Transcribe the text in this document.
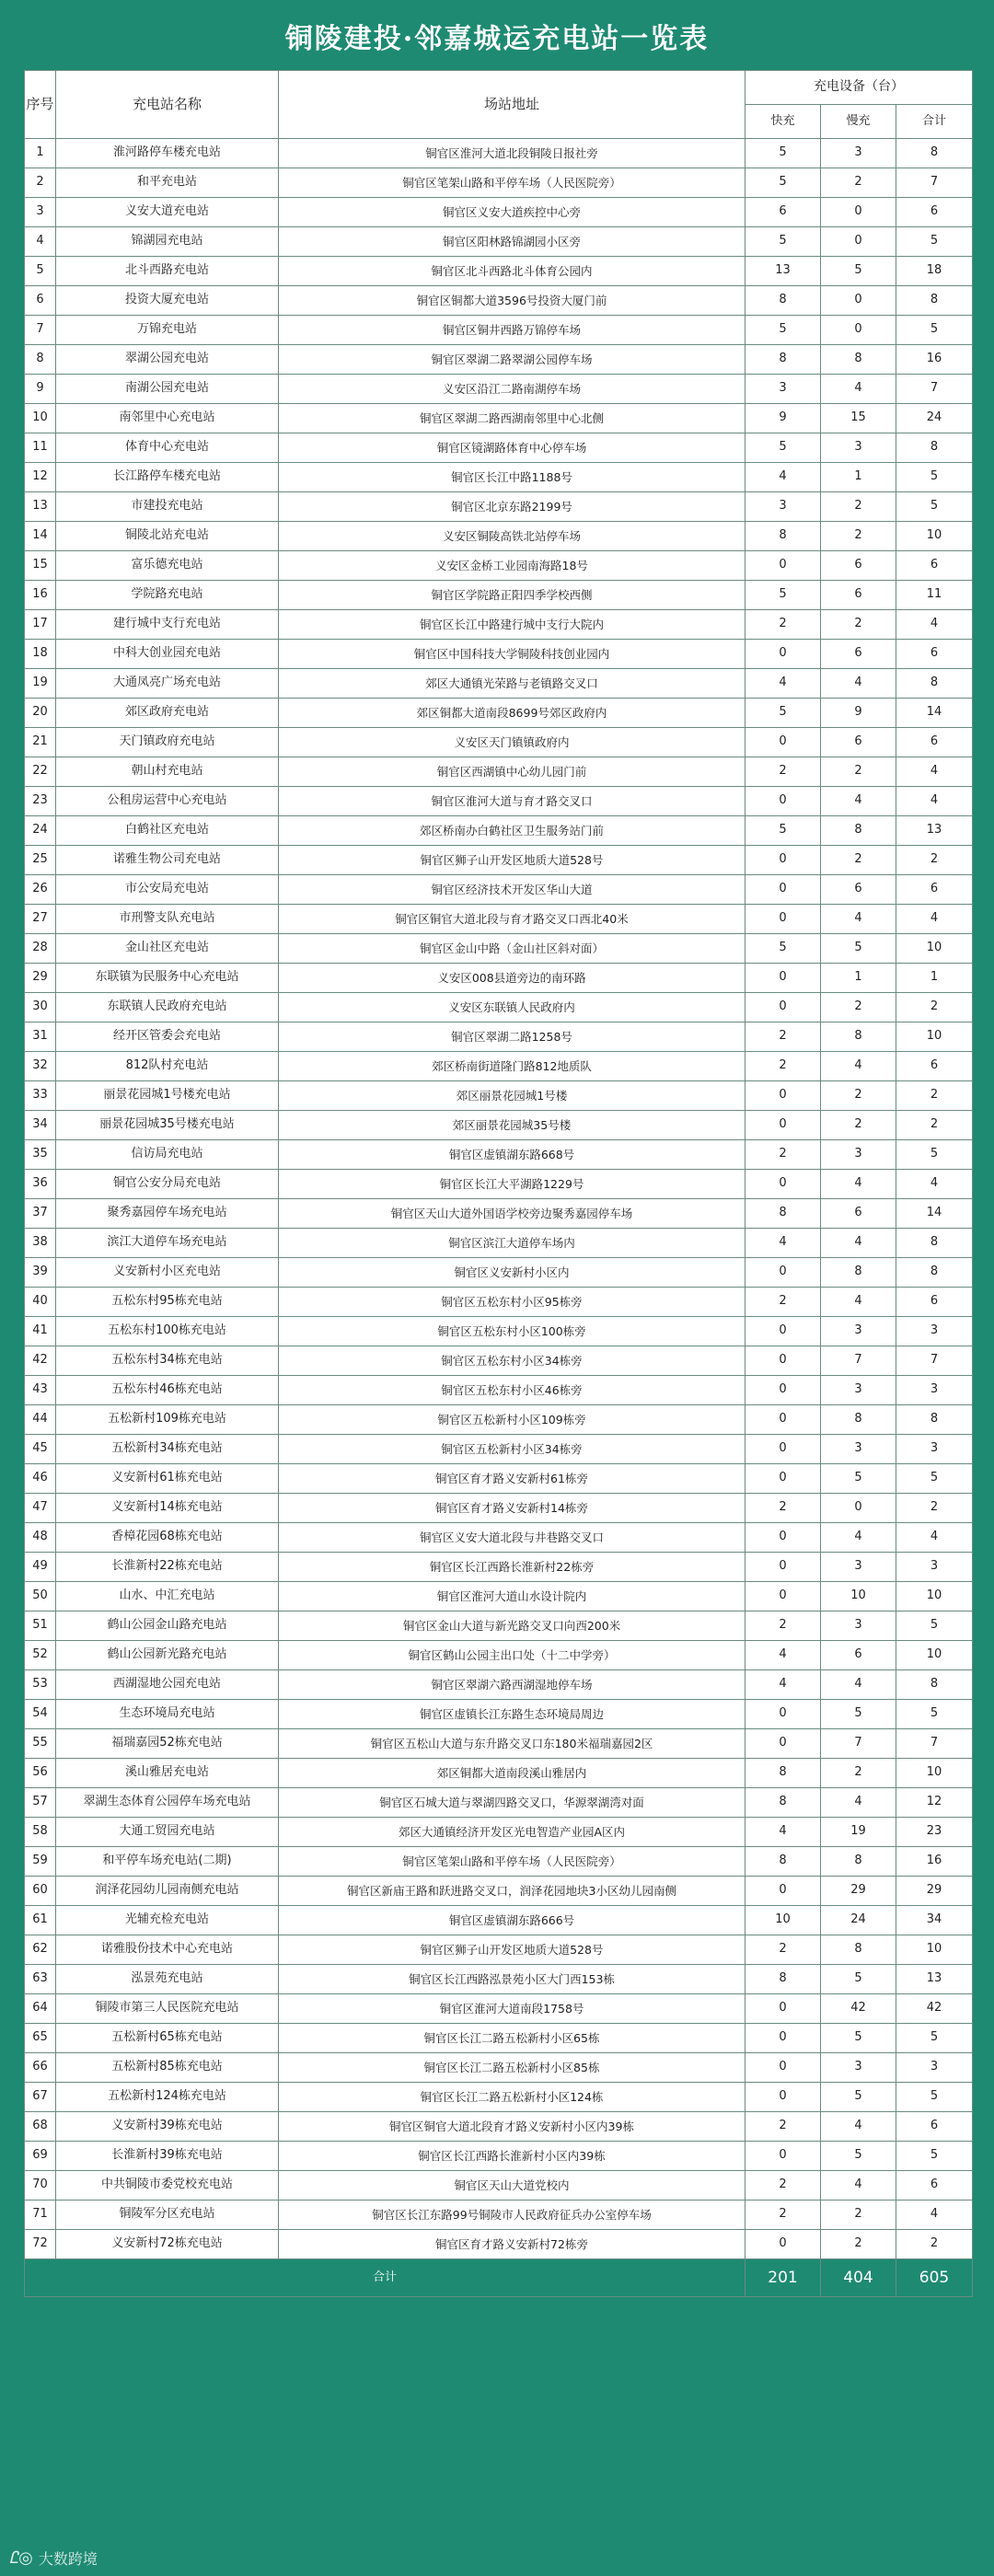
铜陵建投·邻嘉城运充电站一览表
序号	充电站名称	场站地址	充电设备（台）		
			快充	慢充	合计
1	淮河路停车楼充电站	铜官区淮河大道北段铜陵日报社旁	5	3	8
2	和平充电站	铜官区笔架山路和平停车场（人民医院旁）	5	2	7
3	义安大道充电站	铜官区义安大道疾控中心旁	6	0	6
4	锦湖园充电站	铜官区阳林路锦湖园小区旁	5	0	5
5	北斗西路充电站	铜官区北斗西路北斗体育公园内	13	5	18
6	投资大厦充电站	铜官区铜都大道3596号投资大厦门前	8	0	8
7	万锦充电站	铜官区铜井西路万锦停车场	5	0	5
8	翠湖公园充电站	铜官区翠湖二路翠湖公园停车场	8	8	16
9	南湖公园充电站	义安区沿江二路南湖停车场	3	4	7
10	南邻里中心充电站	铜官区翠湖二路西湖南邻里中心北侧	9	15	24
11	体育中心充电站	铜官区镜湖路体育中心停车场	5	3	8
12	长江路停车楼充电站	铜官区长江中路1188号	4	1	5
13	市建投充电站	铜官区北京东路2199号	3	2	5
14	铜陵北站充电站	义安区铜陵高铁北站停车场	8	2	10
15	富乐德充电站	义安区金桥工业园南海路18号	0	6	6
16	学院路充电站	铜官区学院路正阳四季学校西侧	5	6	11
17	建行城中支行充电站	铜官区长江中路建行城中支行大院内	2	2	4
18	中科大创业园充电站	铜官区中国科技大学铜陵科技创业园内	0	6	6
19	大通凤亮广场充电站	郊区大通镇光荣路与老镇路交叉口	4	4	8
20	郊区政府充电站	郊区铜都大道南段8699号郊区政府内	5	9	14
21	天门镇政府充电站	义安区天门镇镇政府内	0	6	6
22	朝山村充电站	铜官区西湖镇中心幼儿园门前	2	2	4
23	公租房运营中心充电站	铜官区淮河大道与育才路交叉口	0	4	4
24	白鹤社区充电站	郊区桥南办白鹤社区卫生服务站门前	5	8	13
25	诺雅生物公司充电站	铜官区狮子山开发区地质大道528号	0	2	2
26	市公安局充电站	铜官区经济技术开发区华山大道	0	6	6
27	市刑警支队充电站	铜官区铜官大道北段与育才路交叉口西北40米	0	4	4
28	金山社区充电站	铜官区金山中路（金山社区斜对面）	5	5	10
29	东联镇为民服务中心充电站	义安区008县道旁边的南环路	0	1	1
30	东联镇人民政府充电站	义安区东联镇人民政府内	0	2	2
31	经开区管委会充电站	铜官区翠湖二路1258号	2	8	10
32	812队村充电站	郊区桥南街道隆门路812地质队	2	4	6
33	丽景花园城1号楼充电站	郊区丽景花园城1号楼	0	2	2
34	丽景花园城35号楼充电站	郊区丽景花园城35号楼	0	2	2
35	信访局充电站	铜官区虚镇湖东路668号	2	3	5
36	铜官公安分局充电站	铜官区长江大平湖路1229号	0	4	4
37	聚秀嘉园停车场充电站	铜官区天山大道外国语学校旁边聚秀嘉园停车场	8	6	14
38	滨江大道停车场充电站	铜官区滨江大道停车场内	4	4	8
39	义安新村小区充电站	铜官区义安新村小区内	0	8	8
40	五松东村95栋充电站	铜官区五松东村小区95栋旁	2	4	6
41	五松东村100栋充电站	铜官区五松东村小区100栋旁	0	3	3
42	五松东村34栋充电站	铜官区五松东村小区34栋旁	0	7	7
43	五松东村46栋充电站	铜官区五松东村小区46栋旁	0	3	3
44	五松新村109栋充电站	铜官区五松新村小区109栋旁	0	8	8
45	五松新村34栋充电站	铜官区五松新村小区34栋旁	0	3	3
46	义安新村61栋充电站	铜官区育才路义安新村61栋旁	0	5	5
47	义安新村14栋充电站	铜官区育才路义安新村14栋旁	2	0	2
48	香樟花园68栋充电站	铜官区义安大道北段与井巷路交叉口	0	4	4
49	长淮新村22栋充电站	铜官区长江西路长淮新村22栋旁	0	3	3
50	山水、中汇充电站	铜官区淮河大道山水设计院内	0	10	10
51	鹤山公园金山路充电站	铜官区金山大道与新光路交叉口向西200米	2	3	5
52	鹤山公园新光路充电站	铜官区鹤山公园主出口处（十二中学旁）	4	6	10
53	西湖湿地公园充电站	铜官区翠湖六路西湖湿地停车场	4	4	8
54	生态环境局充电站	铜官区虚镇长江东路生态环境局周边	0	5	5
55	福瑞嘉园52栋充电站	铜官区五松山大道与东升路交叉口东180米福瑞嘉园2区	0	7	7
56	溪山雅居充电站	郊区铜都大道南段溪山雅居内	8	2	10
57	翠湖生态体育公园停车场充电站	铜官区石城大道与翠湖四路交叉口，华源翠湖湾对面	8	4	12
58	大通工贸园充电站	郊区大通镇经济开发区光电智造产业园A区内	4	19	23
59	和平停车场充电站(二期)	铜官区笔架山路和平停车场（人民医院旁）	8	8	16
60	润泽花园幼儿园南侧充电站	铜官区新庙王路和跃进路交叉口，润泽花园地块3小区幼儿园南侧	0	29	29
61	光辅充检充电站	铜官区虚镇湖东路666号	10	24	34
62	诺雅股份技术中心充电站	铜官区狮子山开发区地质大道528号	2	8	10
63	泓景苑充电站	铜官区长江西路泓景苑小区大门西153栋	8	5	13
64	铜陵市第三人民医院充电站	铜官区淮河大道南段1758号	0	42	42
65	五松新村65栋充电站	铜官区长江二路五松新村小区65栋	0	5	5
66	五松新村85栋充电站	铜官区长江二路五松新村小区85栋	0	3	3
67	五松新村124栋充电站	铜官区长江二路五松新村小区124栋	0	5	5
68	义安新村39栋充电站	铜官区铜官大道北段育才路义安新村小区内39栋	2	4	6
69	长淮新村39栋充电站	铜官区长江西路长淮新村小区内39栋	0	5	5
70	中共铜陵市委党校充电站	铜官区天山大道党校内	2	4	6
71	铜陵军分区充电站	铜官区长江东路99号铜陵市人民政府征兵办公室停车场	2	2	4
72	义安新村72栋充电站	铜官区育才路义安新村72栋旁	0	2	2
合计			201	404	605
Ꮭ◎ 大数跨境
